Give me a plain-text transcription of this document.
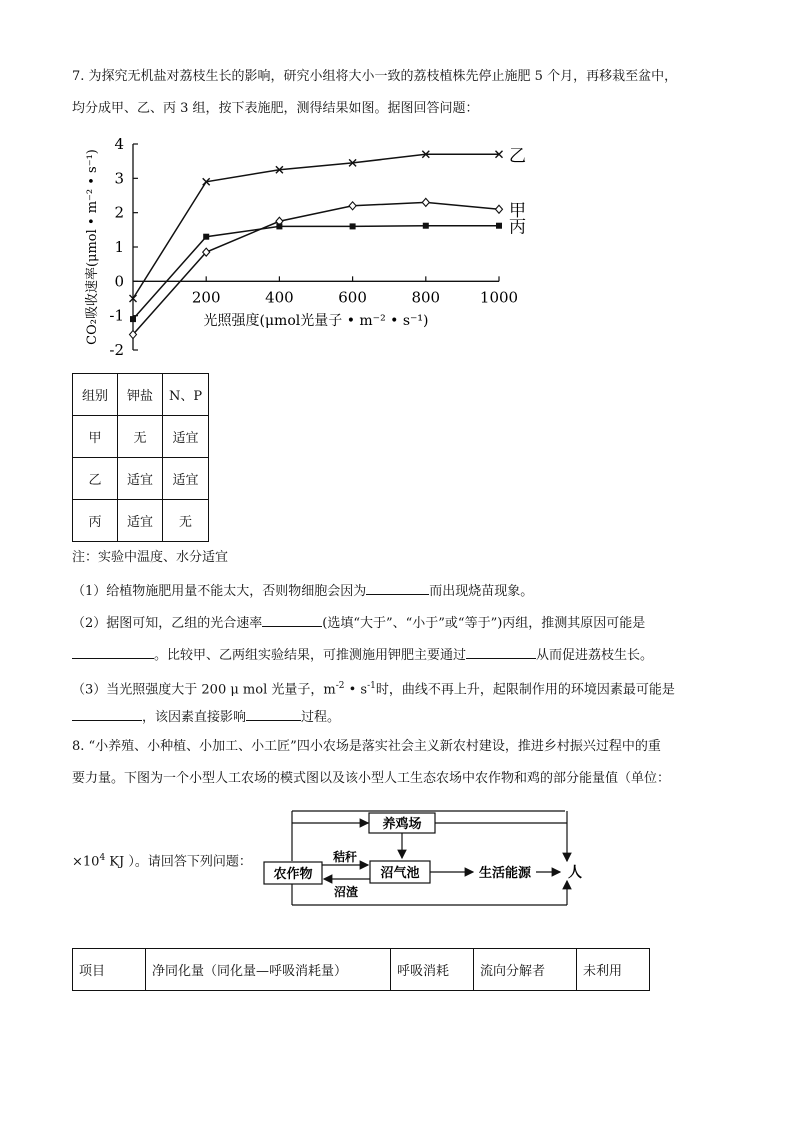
7. 为探究无机盐对荔枝生长的影响，研究小组将大小一致的荔枝植株先停止施肥 5 个月，再移栽至盆中，
均分成甲、乙、丙 3 组，按下表施肥，测得结果如图。据图回答问题：
4
3
2
1
0
-1
-2
200	400	600	800	1000
光照强度(μmol光量子 • m⁻² • s⁻¹)
CO₂吸收速率(μmol • m⁻² • s⁻¹)	乙
甲
丙
组别	钾盐	N、P
甲	无	适宜
乙	适宜	适宜
丙	适宜	无
注：实验中温度、水分适宜
（1）给植物施肥用量不能太大，否则物细胞会因为	而出现烧苗现象。
（2）据图可知，乙组的光合速率	(选填“大于”、“小于”或“等于”)丙组，推测其原因可能是
。比较甲、乙两组实验结果，可推测施用钾肥主要通过	从而促进荔枝生长。
（3）当光照强度大于 200 μ mol 光量子，$m^{-2}$ • $s^{-1}$时，曲线不再上升，起限制作用的环境因素最可能是
，该因素直接影响	过程。
8. “小养殖、小种植、小加工、小工匠”四小农场是落实社会主义新农村建设，推进乡村振兴过程中的重
要力量。下图为一个小型人工农场的模式图以及该小型人工生态农场中农作物和鸡的部分能量值（单位：
$\times 10^4$ KJ ）。请回答下列问题：
养鸡场
农作物	沼气池	生活能源	人
秸秆
沼渣
项目	净同化量（同化量—呼吸消耗量）	呼吸消耗	流向分解者	未利用
